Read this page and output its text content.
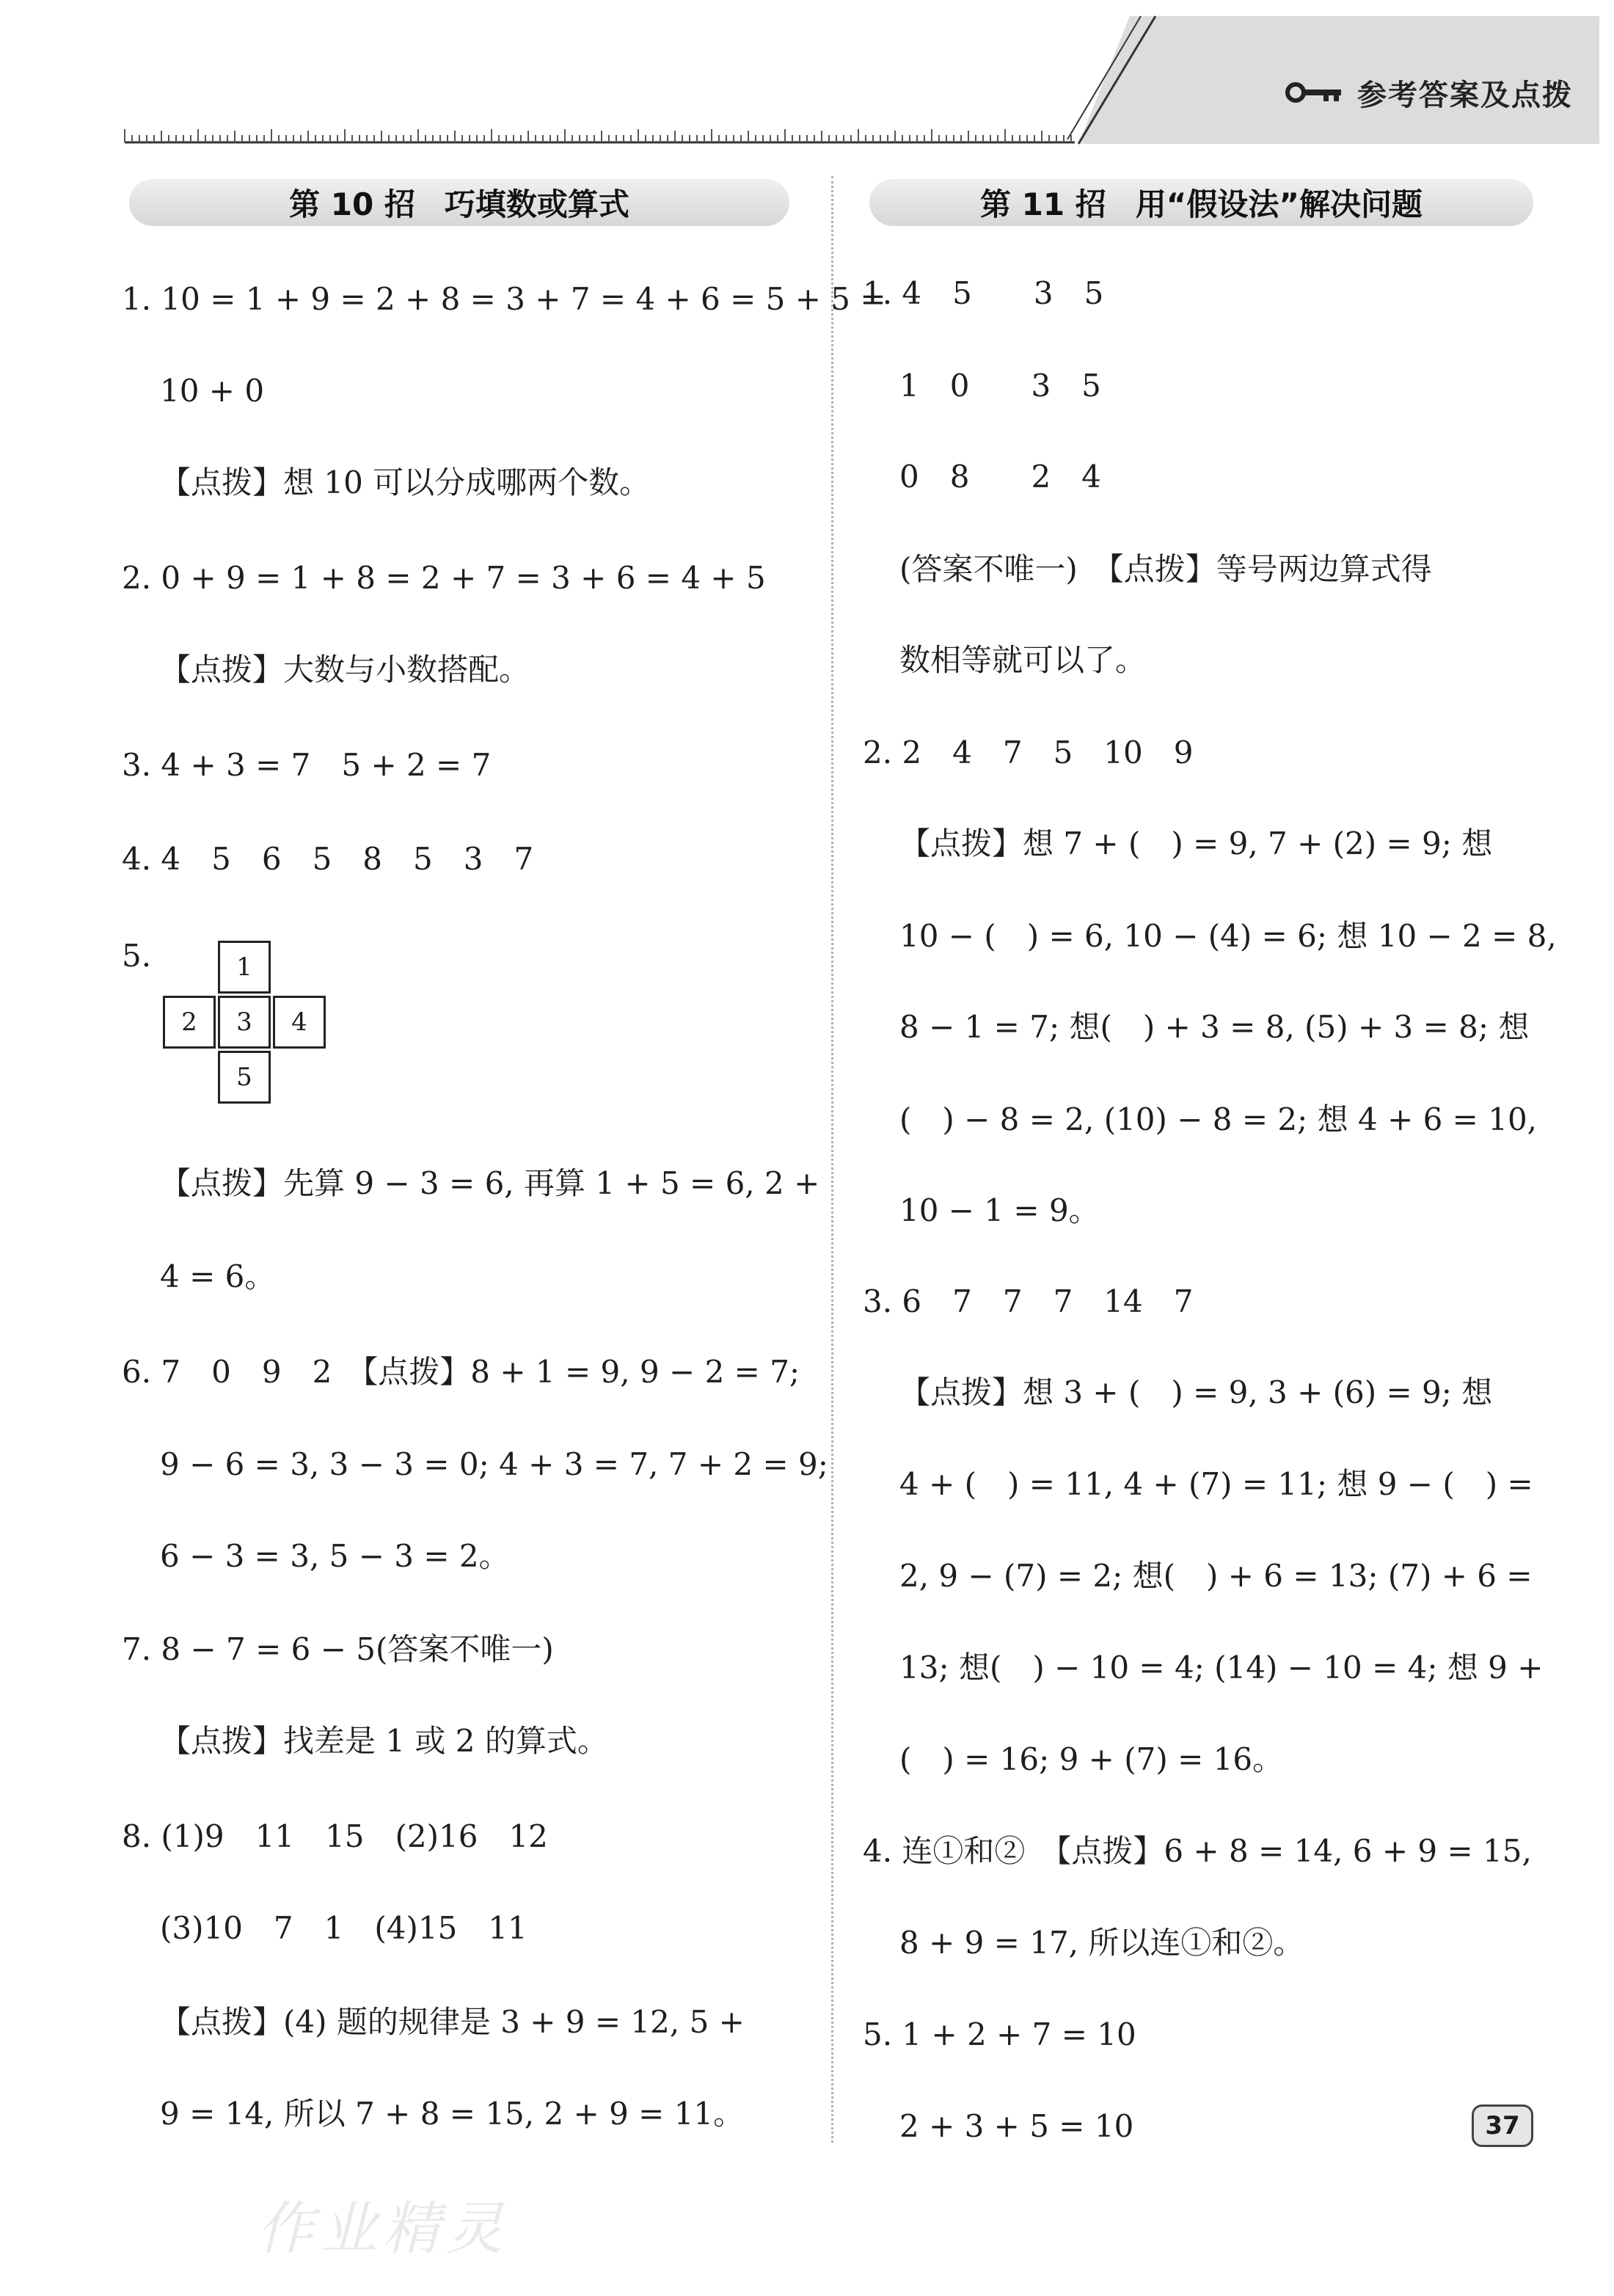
参考答案及点拨
第 10 招 巧填数或算式
1. 10 = 1 + 9 = 2 + 8 = 3 + 7 = 4 + 6 = 5 + 5 =
10 + 0
【点拨】想 10 可以分成哪两个数。
2. 0 + 9 = 1 + 8 = 2 + 7 = 3 + 6 = 4 + 5
【点拨】大数与小数搭配。
3. 4 + 3 = 7　5 + 2 = 7
4. 4　5　6　5　8　5　3　7
5.	1
2	3	4
5
【点拨】先算 9 − 3 = 6, 再算 1 + 5 = 6, 2 +
4 = 6。
6. 7　0　9　2　【点拨】8 + 1 = 9, 9 − 2 = 7;
9 − 6 = 3, 3 − 3 = 0; 4 + 3 = 7, 7 + 2 = 9;
6 − 3 = 3, 5 − 3 = 2。
7. 8 − 7 = 6 − 5(答案不唯一)
【点拨】找差是 1 或 2 的算式。
8. (1)9　11　15　(2)16　12
(3)10　7　1　(4)15　11
【点拨】(4) 题的规律是 3 + 9 = 12, 5 +
9 = 14, 所以 7 + 8 = 15, 2 + 9 = 11。
第 11 招 用“假设法”解决问题
1. 4　5　　3　5
1　0　　3　5
0　8　　2　4
(答案不唯一)　【点拨】等号两边算式得
数相等就可以了。
2. 2　4　7　5　10　9
【点拨】想 7 + (　) = 9, 7 + (2) = 9; 想
10 − (　) = 6, 10 − (4) = 6; 想 10 − 2 = 8,
8 − 1 = 7; 想(　) + 3 = 8, (5) + 3 = 8; 想
(　) − 8 = 2, (10) − 8 = 2; 想 4 + 6 = 10,
10 − 1 = 9。
3. 6　7　7　7　14　7
【点拨】想 3 + (　) = 9, 3 + (6) = 9; 想
4 + (　) = 11, 4 + (7) = 11; 想 9 − (　) =
2, 9 − (7) = 2; 想(　) + 6 = 13; (7) + 6 =
13; 想(　) − 10 = 4; (14) − 10 = 4; 想 9 +
(　) = 16; 9 + (7) = 16。
4. 连①和②　【点拨】6 + 8 = 14, 6 + 9 = 15,
8 + 9 = 17, 所以连①和②。
5. 1 + 2 + 7 = 10
2 + 3 + 5 = 10	37
作业精灵
